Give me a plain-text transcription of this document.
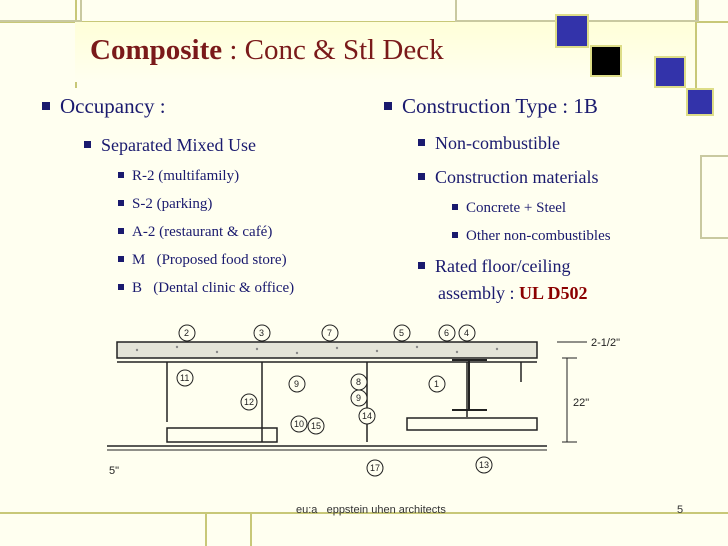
Composite : Conc & Stl Deck
Occupancy :
Separated Mixed Use
R-2 (multifamily)
S-2 (parking)
A-2 (restaurant & café)
M   (Proposed food store)
B   (Dental clinic & office)
Construction Type : 1B
Non-combustible
Construction materials
Concrete + Steel
Other non-combustibles
Rated floor/ceiling
assembly : UL D502
2-1/2"
22"
5"
2	3	7	5	6 4
11
9	8	1
12	9
14
10 15
17	13
eu:a   eppstein uhen architects	5
